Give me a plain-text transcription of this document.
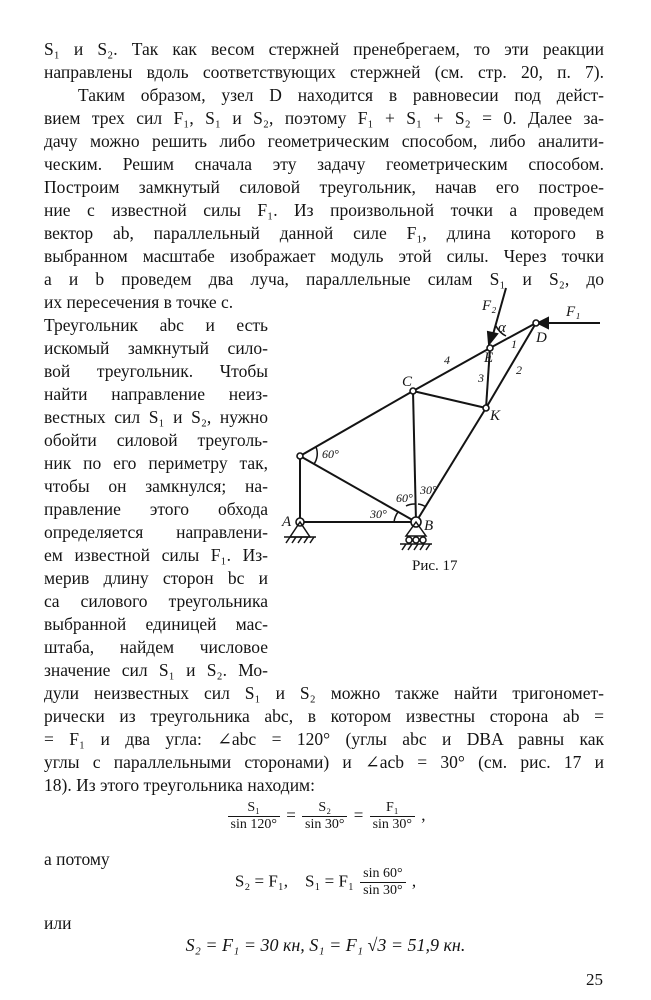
S₁ и S₂. Так как весом стержней пренебрегаем, то эти реакции
направлены вдоль соответствующих стержней (см. стр. 20, п. 7).
Таким образом, узел D находится в равновесии под дейст-
вием трех сил F₁, S₁ и S₂, поэтому F₁ + S₁ + S₂ = 0. Далее за-
дачу можно решить либо геометрическим способом, либо аналити-
ческим. Решим сначала эту задачу геометрическим способом.
Построим замкнутый силовой треугольник, начав его построе-
ние с известной силы F₁. Из произвольной точки a проведем
вектор ab, параллельный данной силе F₁, длина которого в
выбранном масштабе изображает модуль этой силы. Через точки
a и b проведем два луча, параллельные силам S₁ и S₂, до
их пересечения в точке c.
Треугольник abc и есть
искомый замкнутый сило-
вой треугольник. Чтобы
найти направление неиз-
вестных сил S₁ и S₂, нужно
обойти силовой треуголь-
ник по его периметру так,
чтобы он замкнулся; на-
правление этого обхода
определяется направлени-
ем известной силы F₁. Из-
мерив длину сторон bc и
ca силового треугольника
выбранной единицей мас-
штаба, найдем числовое
значение сил S₁ и S₂. Мо-
дули неизвестных сил S₁ и S₂ можно также найти тригономет-
рически из треугольника abc, в котором известны сторона ab =
= F₁ и два угла: ∠abc = 120° (углы abc и DBA равны как
углы с параллельными сторонами) и ∠acb = 30° (см. рис. 17 и
18). Из этого треугольника находим:
$\frac{\text{S₁}}{\sin 120^\circ} = \frac{\text{S₂}}{\sin 30^\circ} = \frac{\text{F₁}}{\sin 30^\circ}$ ,
а потому
S₂ = F₁, $S_1 = F_1 \frac{\sin 60^\circ}{\sin 30^\circ}$ ,
или
S₂ = F₁ = 30 кн, S₁ = F₁ √3 = 51,9 кн.
A	B
C
D
E
K
F₂	F₁
α
1
2
3
4
60°
30°
60°
30°
Рис. 17
25
